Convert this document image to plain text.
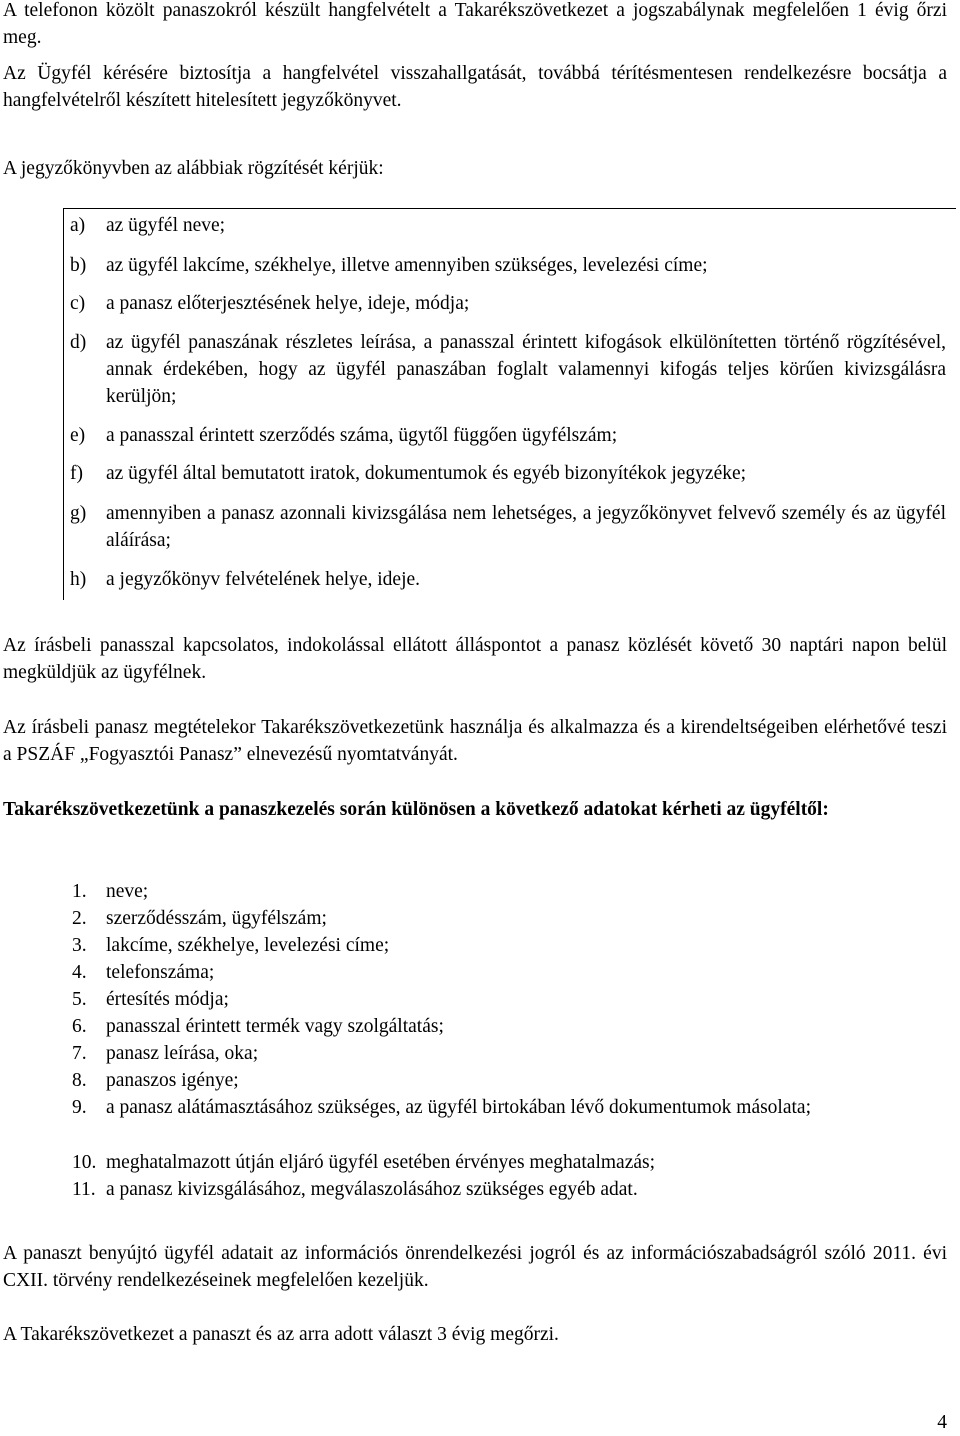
A telefonon közölt panaszokról készült hangfelvételt a Takarékszövetkezet a jogszabálynak megfelelően 1 évig őrzi meg.

Az Ügyfél kérésére biztosítja a hangfelvétel visszahallgatását, továbbá térítésmentesen rendelkezésre bocsátja a hangfelvételről készített hitelesített jegyzőkönyvet.

A jegyzőkönyvben az alábbiak rögzítését kérjük:

a)	az ügyfél neve;
b)	az ügyfél lakcíme, székhelye, illetve amennyiben szükséges, levelezési címe;
c)	a panasz előterjesztésének helye, ideje, módja;
d)	az ügyfél panaszának részletes leírása, a panasszal érintett kifogások elkülönítetten történő rögzítésével, annak érdekében, hogy az ügyfél panaszában foglalt valamennyi kifogás teljes körűen kivizsgálásra kerüljön;
e)	a panasszal érintett szerződés száma, ügytől függően ügyfélszám;
f)	az ügyfél által bemutatott iratok, dokumentumok és egyéb bizonyítékok jegyzéke;
g)	amennyiben a panasz azonnali kivizsgálása nem lehetséges, a jegyzőkönyvet felvevő személy és az ügyfél aláírása;
h)	a jegyzőkönyv felvételének helye, ideje.

Az írásbeli panasszal kapcsolatos, indokolással ellátott álláspontot a panasz közlését követő 30 naptári napon belül megküldjük az ügyfélnek.

Az írásbeli panasz megtételekor Takarékszövetkezetünk használja és alkalmazza és a kirendeltségeiben elérhetővé teszi a PSZÁF „Fogyasztói Panasz” elnevezésű nyomtatványát.

Takarékszövetkezetünk a panaszkezelés során különösen a következő adatokat kérheti az ügyféltől:

1. neve;
2. szerződésszám, ügyfélszám;
3. lakcíme, székhelye, levelezési címe;
4. telefonszáma;
5. értesítés módja;
6. panasszal érintett termék vagy szolgáltatás;
7. panasz leírása, oka;
8. panaszos igénye;
9. a panasz alátámasztásához szükséges, az ügyfél birtokában lévő dokumentumok másolata;
10. meghatalmazott útján eljáró ügyfél esetében érvényes meghatalmazás;
11. a panasz kivizsgálásához, megválaszolásához szükséges egyéb adat.

A panaszt benyújtó ügyfél adatait az információs önrendelkezési jogról és az információszabadságról szóló 2011. évi CXII. törvény rendelkezéseinek megfelelően kezeljük.

A Takarékszövetkezet a panaszt és az arra adott választ 3 évig megőrzi.

4
